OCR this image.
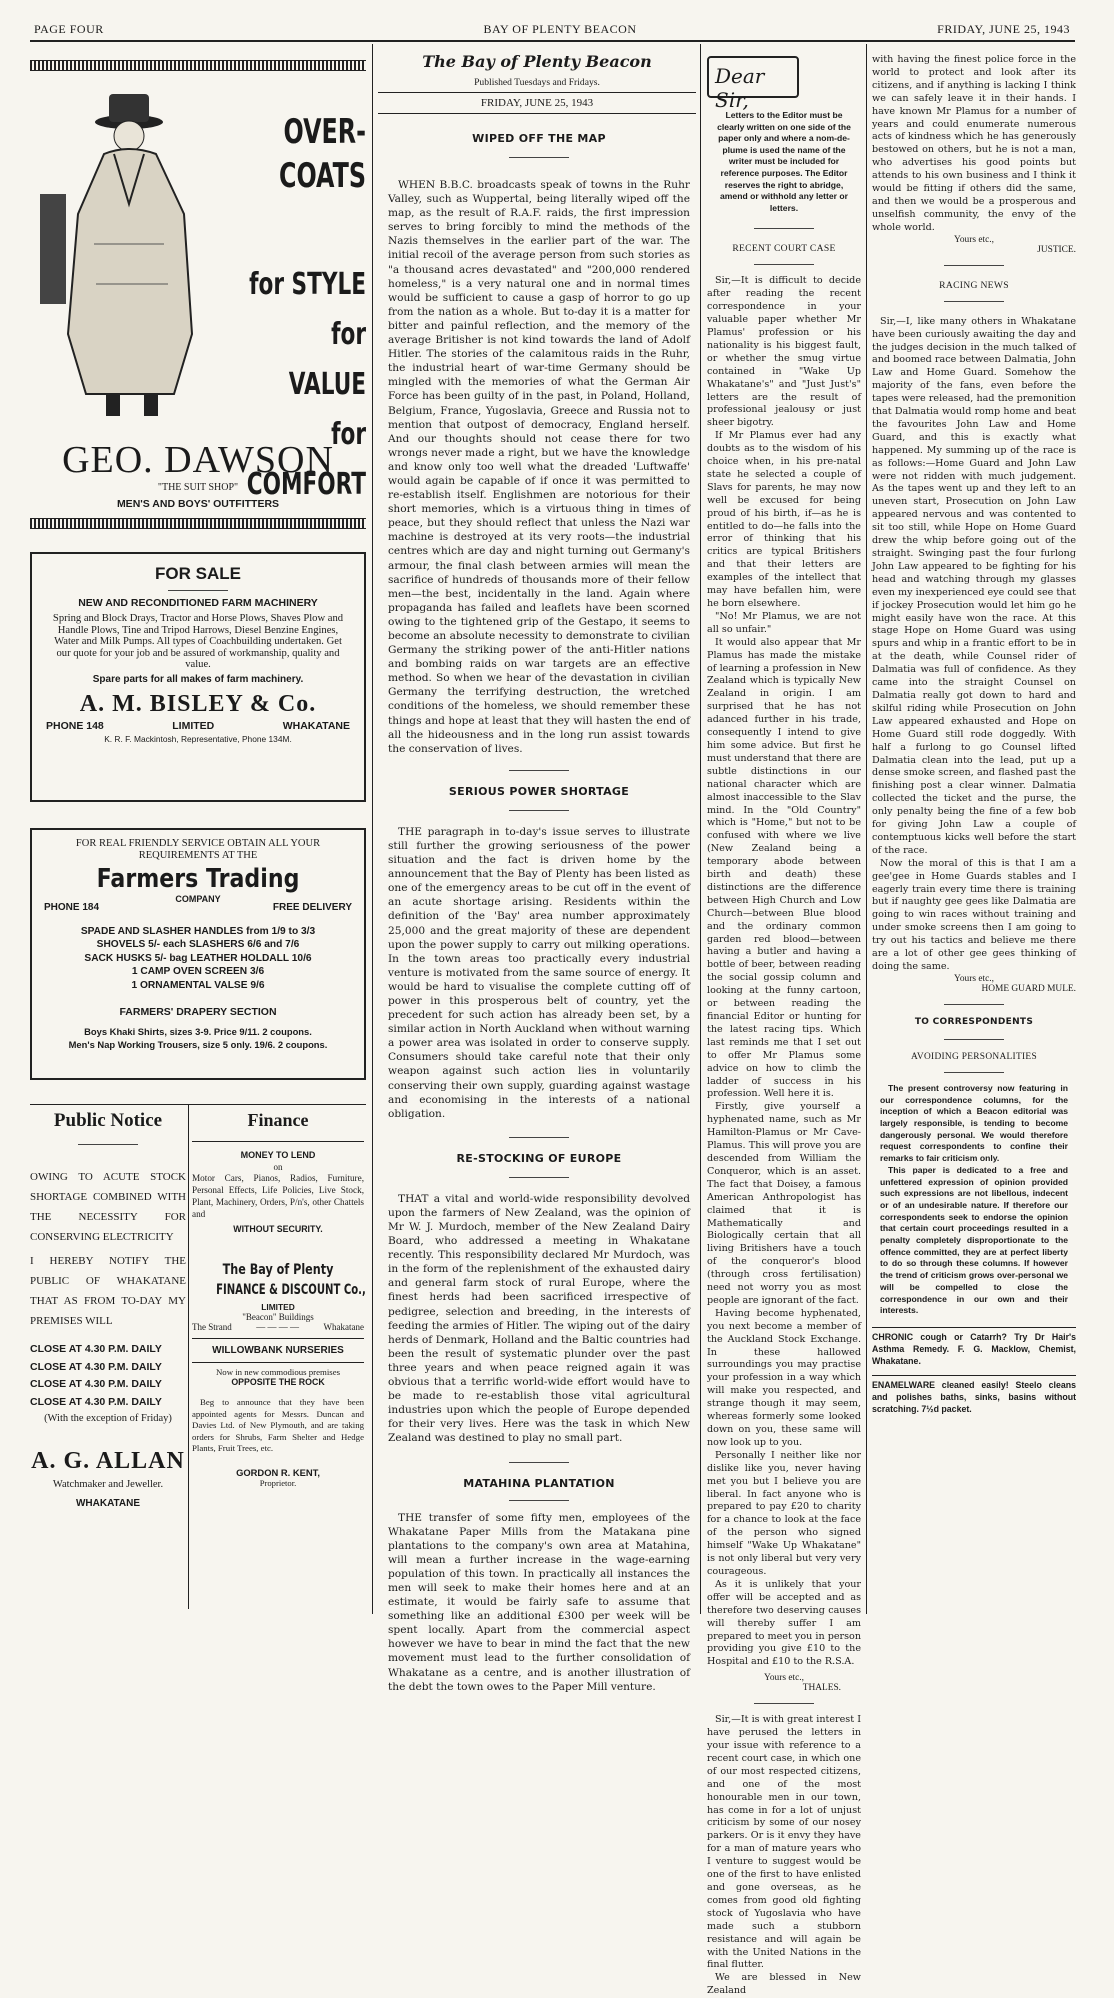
PAGE FOUR	BAY OF PLENTY BEACON	FRIDAY, JUNE 25, 1943
OVER-
COATS
for STYLE
for VALUE
for COMFORT
GEO. DAWSON
"THE SUIT SHOP"
MEN'S AND BOYS' OUTFITTERS
FOR SALE
NEW AND RECONDITIONED FARM MACHINERY
Spring and Block Drays, Tractor and Horse Plows, Shaves Plow and Handle Plows, Tine and Tripod Harrows, Diesel Benzine Engines, Water and Milk Pumps. All types of Coachbuilding undertaken. Get our quote for your job and be assured of workmanship, quality and value.
Spare parts for all makes of farm machinery.
A. M. BISLEY & Co.
PHONE 148	LIMITED	WHAKATANE
K. R. F. Mackintosh, Representative, Phone 134M.
FOR REAL FRIENDLY SERVICE OBTAIN ALL YOUR REQUIREMENTS AT THE
Farmers Trading
COMPANY
PHONE 184	FREE DELIVERY
SPADE AND SLASHER HANDLES from 1/9 to 3/3
SHOVELS 5/- each SLASHERS 6/6 and 7/6
SACK HUSKS 5/- bag LEATHER HOLDALL 10/6
1 CAMP OVEN SCREEN 3/6
1 ORNAMENTAL VALSE 9/6
FARMERS' DRAPERY SECTION
Boys Khaki Shirts, sizes 3-9. Price 9/11. 2 coupons.
Men's Nap Working Trousers, size 5 only. 19/6. 2 coupons.
Public Notice
OWING TO ACUTE STOCK SHORTAGE COMBINED WITH THE NECESSITY FOR CONSERVING ELECTRICITY
I HEREBY NOTIFY THE PUBLIC OF WHAKATANE THAT AS FROM TO-DAY MY PREMISES WILL
CLOSE AT 4.30 P.M. DAILY
CLOSE AT 4.30 P.M. DAILY
CLOSE AT 4.30 P.M. DAILY
CLOSE AT 4.30 P.M. DAILY
(With the exception of Friday)
A. G. ALLAN
Watchmaker and Jeweller.
WHAKATANE
Finance
MONEY TO LEND
on
Motor Cars, Pianos, Radios, Furniture, Personal Effects, Life Policies, Live Stock, Plant, Machinery, Orders, P/n's, other Chattels and
WITHOUT SECURITY.
The Bay of Plenty
FINANCE & DISCOUNT Co.,
LIMITED
"Beacon" Buildings
The Strand	— — — —	Whakatane
WILLOWBANK NURSERIES
Now in new commodious premises
OPPOSITE THE ROCK
Beg to announce that they have been appointed agents for Messrs. Duncan and Davies Ltd. of New Plymouth, and are taking orders for Shrubs, Farm Shelter and Hedge Plants, Fruit Trees, etc.
GORDON R. KENT,
Proprietor.
The Bay of Plenty Beacon
Published Tuesdays and Fridays.
FRIDAY, JUNE 25, 1943
WIPED OFF THE MAP

WHEN B.B.C. broadcasts speak of towns in the Ruhr Valley, such as Wuppertal, being literally wiped off the map, as the result of R.A.F. raids, the first impression serves to bring forcibly to mind the methods of the Nazis themselves in the earlier part of the war. The initial recoil of the average person from such stories as "a thousand acres devastated" and "200,000 rendered homeless," is a very natural one and in normal times would be sufficient to cause a gasp of horror to go up from the nation as a whole. But to-day it is a matter for bitter and painful reflection, and the memory of the average Britisher is not kind towards the land of Adolf Hitler. The stories of the calamitous raids in the Ruhr, the industrial heart of war-time Germany should be mingled with the memories of what the German Air Force has been guilty of in the past, in Poland, Holland, Belgium, France, Yugoslavia, Greece and Russia not to mention that outpost of democracy, England herself. And our thoughts should not cease there for two wrongs never made a right, but we have the knowledge and know only too well what the dreaded 'Luftwaffe' would again be capable of if once it was permitted to re-establish itself. Englishmen are notorious for their short memories, which is a virtuous thing in times of peace, but they should reflect that unless the Nazi war machine is destroyed at its very roots—the industrial centres which are day and night turning out Germany's armour, the final clash between armies will mean the sacrifice of hundreds of thousands more of their fellow men—the best, incidentally in the land. Again where propaganda has failed and leaflets have been scorned owing to the tightened grip of the Gestapo, it seems to become an absolute necessity to demonstrate to civilian Germany the striking power of the anti-Hitler nations and bombing raids on war targets are an effective method. So when we hear of the devastation in civilian Germany the terrifying destruction, the wretched conditions of the homeless, we should remember these things and hope at least that they will hasten the end of all the hideousness and in the long run assist towards the conservation of lives.

SERIOUS POWER SHORTAGE

THE paragraph in to-day's issue serves to illustrate still further the growing seriousness of the power situation and the fact is driven home by the announcement that the Bay of Plenty has been listed as one of the emergency areas to be cut off in the event of an acute shortage arising. Residents within the definition of the 'Bay' area number approximately 25,000 and the great majority of these are dependent upon the power supply to carry out milking operations. In the town areas too practically every industrial venture is motivated from the same source of energy. It would be hard to visualise the complete cutting off of power in this prosperous belt of country, yet the precedent for such action has already been set, by a similar action in North Auckland when without warning a power area was isolated in order to conserve supply. Consumers should take careful note that their only weapon against such action lies in voluntarily conserving their own supply, guarding against wastage and economising in the interests of a national obligation.

RE-STOCKING OF EUROPE

THAT a vital and world-wide responsibility devolved upon the farmers of New Zealand, was the opinion of Mr W. J. Murdoch, member of the New Zealand Dairy Board, who addressed a meeting in Whakatane recently. This responsibility declared Mr Murdoch, was in the form of the replenishment of the exhausted dairy and general farm stock of rural Europe, where the finest herds had been sacrificed irrespective of pedigree, selection and breeding, in the interests of feeding the armies of Hitler. The wiping out of the dairy herds of Denmark, Holland and the Baltic countries had been the result of systematic plunder over the past three years and when peace reigned again it was obvious that a terrific world-wide effort would have to be made to re-establish those vital agricultural industries upon which the people of Europe depended for their very lives. Here was the task in which New Zealand was destined to play no small part.

MATAHINA PLANTATION

THE transfer of some fifty men, employees of the Whakatane Paper Mills from the Matakana pine plantations to the company's own area at Matahina, will mean a further increase in the wage-earning population of this town. In practically all instances the men will seek to make their homes here and at an estimate, it would be fairly safe to assume that something like an additional £300 per week will be spent locally. Apart from the commercial aspect however we have to bear in mind the fact that the new movement must lead to the further consolidation of Whakatane as a centre, and is another illustration of the debt the town owes to the Paper Mill venture.

Dear Sir,
Letters to the Editor must be clearly written on one side of the paper only and where a nom-de-plume is used the name of the writer must be included for reference purposes. The Editor reserves the right to abridge, amend or withhold any letter or letters.
RECENT COURT CASE

Sir,—It is difficult to decide after reading the recent correspondence in your valuable paper whether Mr Plamus' profession or his nationality is his biggest fault, or whether the smug virtue contained in "Wake Up Whakatane's" and "Just Just's" letters are the result of professional jealousy or just sheer bigotry.

If Mr Plamus ever had any doubts as to the wisdom of his choice when, in his pre-natal state he selected a couple of Slavs for parents, he may now well be excused for being proud of his birth, if—as he is entitled to do—he falls into the error of thinking that his critics are typical Britishers and that their letters are examples of the intellect that may have befallen him, were he born elsewhere.

"No! Mr Plamus, we are not all so unfair."

It would also appear that Mr Plamus has made the mistake of learning a profession in New Zealand which is typically New Zealand in origin. I am surprised that he has not adanced further in his trade, consequently I intend to give him some advice. But first he must understand that there are subtle distinctions in our national character which are almost inaccessible to the Slav mind. In the "Old Country" which is "Home," but not to be confused with where we live (New Zealand being a temporary abode between birth and death) these distinctions are the difference between High Church and Low Church—between Blue blood and the ordinary common garden red blood—between having a butler and having a bottle of beer, between reading the social gossip column and looking at the funny cartoon, or between reading the financial Editor or hunting for the latest racing tips. Which last reminds me that I set out to offer Mr Plamus some advice on how to climb the ladder of success in his profession. Well here it is.

Firstly, give yourself a hyphenated name, such as Mr Hamilton-Plamus or Mr Cave-Plamus. This will prove you are descended from William the Conqueror, which is an asset. The fact that Doisey, a famous American Anthropologist has claimed that it is Mathematically and Biologically certain that all living Britishers have a touch of the conqueror's blood (through cross fertilisation) need not worry you as most people are ignorant of the fact.

Having become hyphenated, you next become a member of the Auckland Stock Exchange. In these hallowed surroundings you may practise your profession in a way which will make you respected, and strange though it may seem, whereas formerly some looked down on you, these same will now look up to you.

Personally I neither like nor dislike like you, never having met you but I believe you are liberal. In fact anyone who is prepared to pay £20 to charity for a chance to look at the face of the person who signed himself "Wake Up Whakatane" is not only liberal but very very courageous.

As it is unlikely that your offer will be accepted and as therefore two deserving causes will thereby suffer I am prepared to meet you in person providing you give £10 to the Hospital and £10 to the R.S.A.

Yours etc.,
THALES.

Sir,—It is with great interest I have perused the letters in your issue with reference to a recent court case, in which one of our most respected citizens, and one of the most honourable men in our town, has come in for a lot of unjust criticism by some of our nosey parkers. Or is it envy they have for a man of mature years who I venture to suggest would be one of the first to have enlisted and gone overseas, as he comes from good old fighting stock of Yugoslavia who have made such a stubborn resistance and will again be with the United Nations in the final flutter.

We are blessed in New Zealand

with having the finest police force in the world to protect and look after its citizens, and if anything is lacking I think we can safely leave it in their hands. I have known Mr Plamus for a number of years and could enumerate numerous acts of kindness which he has generously bestowed on others, but he is not a man, who advertises his good points but attends to his own business and I think it would be fitting if others did the same, and then we would be a prosperous and unselfish community, the envy of the whole world.

Yours etc.,
JUSTICE.
RACING NEWS

Sir,—I, like many others in Whakatane have been curiously awaiting the day and the judges decision in the much talked of and boomed race between Dalmatia, John Law and Home Guard. Somehow the majority of the fans, even before the tapes were released, had the premonition that Dalmatia would romp home and beat the favourites John Law and Home Guard, and this is exactly what happened. My summing up of the race is as follows:—Home Guard and John Law were not ridden with much judgement. As the tapes went up and they left to an uneven start, Prosecution on John Law appeared nervous and was contented to sit too still, while Hope on Home Guard drew the whip before going out of the straight. Swinging past the four furlong John Law appeared to be fighting for his head and watching through my glasses even my inexperienced eye could see that if jockey Prosecution would let him go he might easily have won the race. At this stage Hope on Home Guard was using spurs and whip in a frantic effort to be in at the death, while Counsel rider of Dalmatia was full of confidence. As they came into the straight Counsel on Dalmatia really got down to hard and skilful riding while Prosecution on John Law appeared exhausted and Hope on Home Guard still rode doggedly. With half a furlong to go Counsel lifted Dalmatia clean into the lead, put up a dense smoke screen, and flashed past the finishing post a clear winner. Dalmatia collected the ticket and the purse, the only penalty being the fine of a few bob for giving John Law a couple of contemptuous kicks well before the start of the race.

Now the moral of this is that I am a gee'gee in Home Guards stables and I eagerly train every time there is training but if naughty gee gees like Dalmatia are going to win races without training and under smoke screens then I am going to try out his tactics and believe me there are a lot of other gee gees thinking of doing the same.

Yours etc.,
HOME GUARD MULE.
TO CORRESPONDENTS
AVOIDING PERSONALITIES
The present controversy now featuring in our correspondence columns, for the inception of which a Beacon editorial was largely responsible, is tending to become dangerously personal. We would therefore request correspondents to confine their remarks to fair criticism only.
This paper is dedicated to a free and unfettered expression of opinion provided such expressions are not libellous, indecent or of an undesirable nature. If therefore our correspondents seek to endorse the opinion that certain court proceedings resulted in a penalty completely disproportionate to the offence committed, they are at perfect liberty to do so through these columns. If however the trend of criticism grows over-personal we will be compelled to close the correspondence in our own and their interests.
CHRONIC cough or Catarrh? Try Dr Hair's Asthma Remedy. F. G. Macklow, Chemist, Whakatane.
ENAMELWARE cleaned easily! Steelo cleans and polishes baths, sinks, basins without scratching. 7½d packet.
